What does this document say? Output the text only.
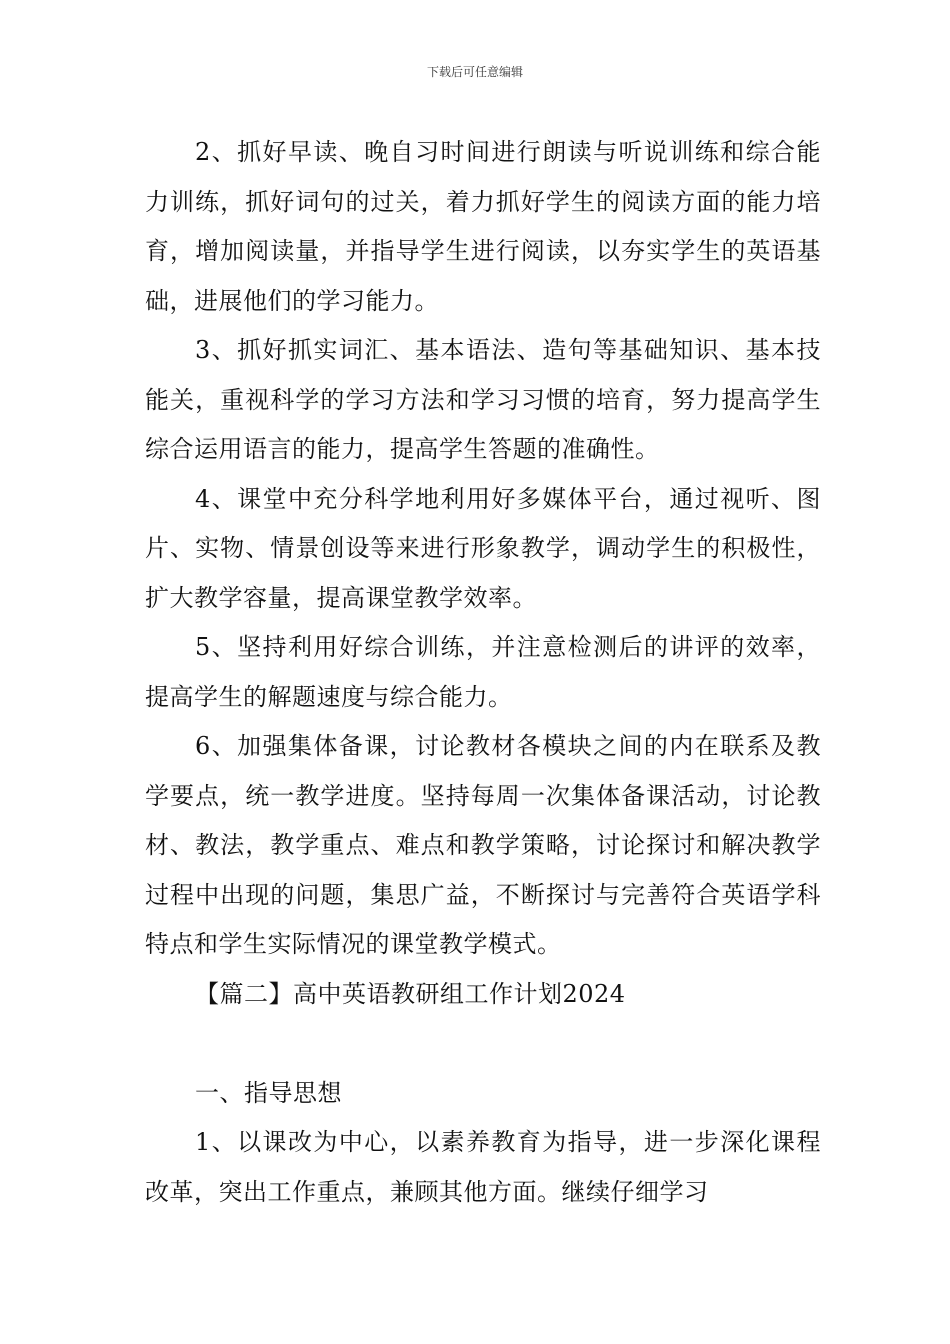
下载后可任意编辑

2、抓好早读、晚自习时间进行朗读与听说训练和综合能力训练，抓好词句的过关，着力抓好学生的阅读方面的能力培育，增加阅读量，并指导学生进行阅读，以夯实学生的英语基础，进展他们的学习能力。

3、抓好抓实词汇、基本语法、造句等基础知识、基本技能关，重视科学的学习方法和学习习惯的培育，努力提高学生综合运用语言的能力，提高学生答题的准确性。

4、课堂中充分科学地利用好多媒体平台，通过视听、图片、实物、情景创设等来进行形象教学，调动学生的积极性，扩大教学容量，提高课堂教学效率。

5、坚持利用好综合训练，并注意检测后的讲评的效率，提高学生的解题速度与综合能力。

6、加强集体备课，讨论教材各模块之间的内在联系及教学要点，统一教学进度。坚持每周一次集体备课活动，讨论教材、教法，教学重点、难点和教学策略，讨论探讨和解决教学过程中出现的问题，集思广益，不断探讨与完善符合英语学科特点和学生实际情况的课堂教学模式。

【篇二】高中英语教研组工作计划2024

一、指导思想

1、以课改为中心，以素养教育为指导，进一步深化课程改革，突出工作重点，兼顾其他方面。继续仔细学习
